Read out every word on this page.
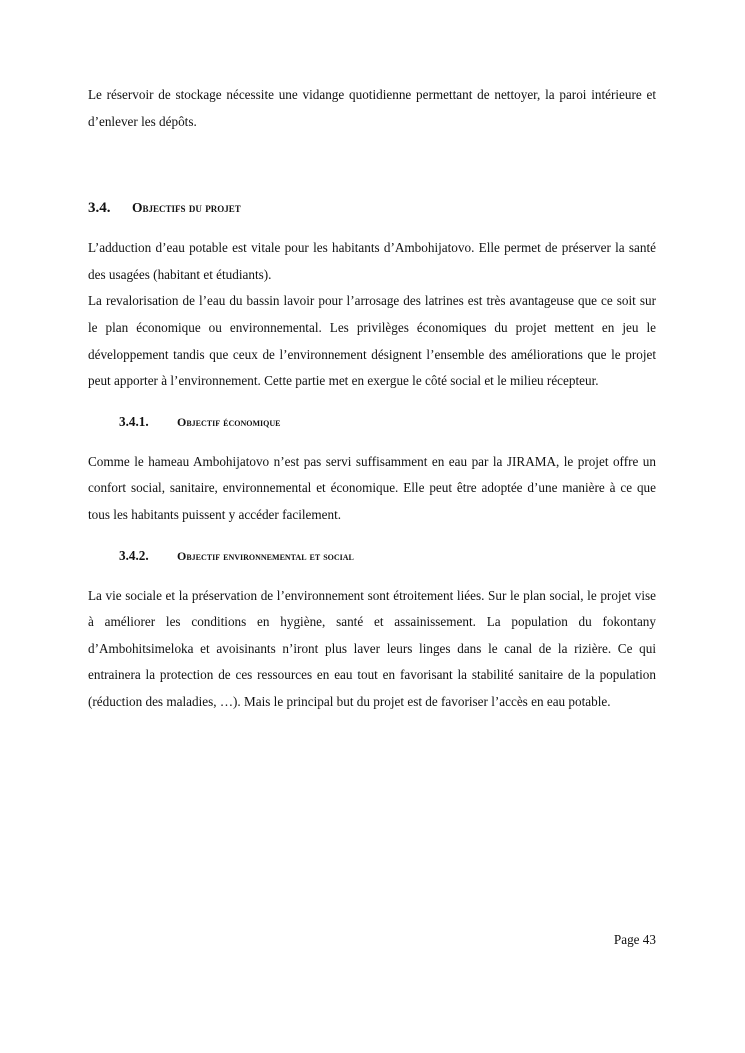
Le réservoir de stockage nécessite une vidange quotidienne permettant de nettoyer, la paroi intérieure et d’enlever les dépôts.

3.4.	Objectifs du projet

L’adduction d’eau potable est vitale pour les habitants d’Ambohijatovo. Elle permet de préserver la santé des usagées (habitant et étudiants).

La revalorisation de l’eau du bassin lavoir pour l’arrosage des latrines est très avantageuse que ce soit sur le plan économique ou environnemental. Les privilèges économiques du projet mettent en jeu le développement tandis que ceux de l’environnement désignent l’ensemble des améliorations que le projet peut apporter à l’environnement. Cette partie met en exergue le côté social et le milieu récepteur.

3.4.1.	Objectif économique

Comme le hameau Ambohijatovo n’est pas servi suffisamment en eau par la JIRAMA, le projet offre un confort social, sanitaire, environnemental et économique. Elle peut être adoptée d’une manière à ce que tous les habitants puissent y accéder facilement.

3.4.2.	Objectif environnemental et social

La vie sociale et la préservation de l’environnement sont étroitement liées. Sur le plan social, le projet vise à améliorer les conditions en hygiène, santé et assainissement. La population du fokontany d’Ambohitsimeloka et avoisinants n’iront plus laver leurs linges dans le canal de la rizière. Ce qui entrainera la protection de ces ressources en eau tout en favorisant la stabilité sanitaire de la population (réduction des maladies, …). Mais le principal but du projet est de favoriser l’accès en eau potable.

Page 43
